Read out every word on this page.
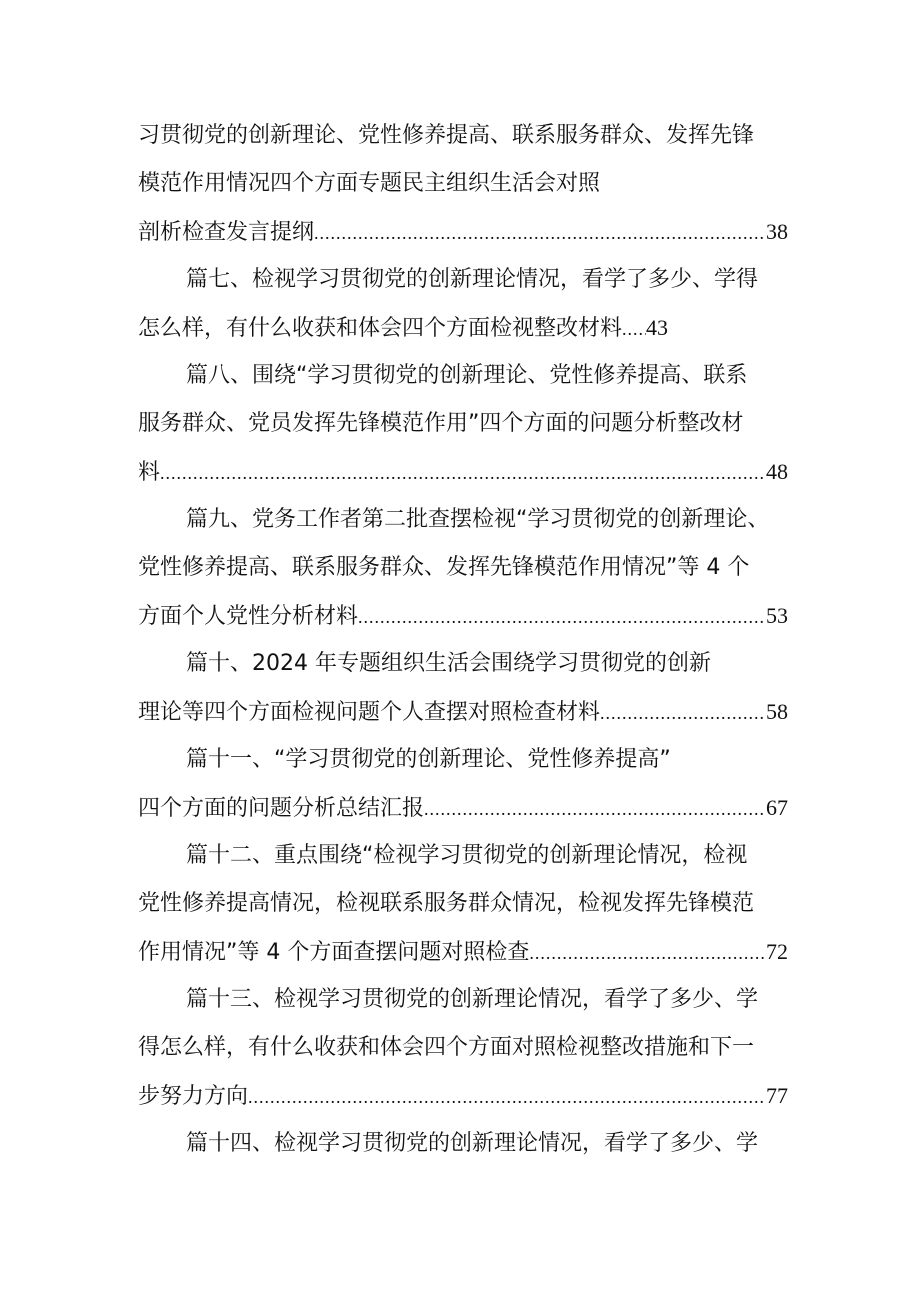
习贯彻党的创新理论、党性修养提高、联系服务群众、发挥先锋
模范作用情况四个方面专题民主组织生活会对照
剖析检查发言提纲 .....	38
篇七、检视学习贯彻党的创新理论情况，看学了多少、学得
怎么样，有什么收获和体会四个方面检视整改材料 ..... 43
篇八、围绕“学习贯彻党的创新理论、党性修养提高、联系
服务群众、党员发挥先锋模范作用”四个方面的问题分析整改材
料 .....	48
篇九、党务工作者第二批查摆检视“学习贯彻党的创新理论、
党性修养提高、联系服务群众、发挥先锋模范作用情况”等 4 个
方面个人党性分析材料 .....	53
篇十、2024 年专题组织生活会围绕学习贯彻党的创新
理论等四个方面检视问题个人查摆对照检查材料 .....	58
篇十一、“学习贯彻党的创新理论、党性修养提高”
四个方面的问题分析总结汇报 .....	67
篇十二、重点围绕“检视学习贯彻党的创新理论情况，检视
党性修养提高情况，检视联系服务群众情况，检视发挥先锋模范
作用情况”等 4 个方面查摆问题对照检查 .....	72
篇十三、检视学习贯彻党的创新理论情况，看学了多少、学
得怎么样，有什么收获和体会四个方面对照检视整改措施和下一
步努力方向 .....	77
篇十四、检视学习贯彻党的创新理论情况，看学了多少、学
